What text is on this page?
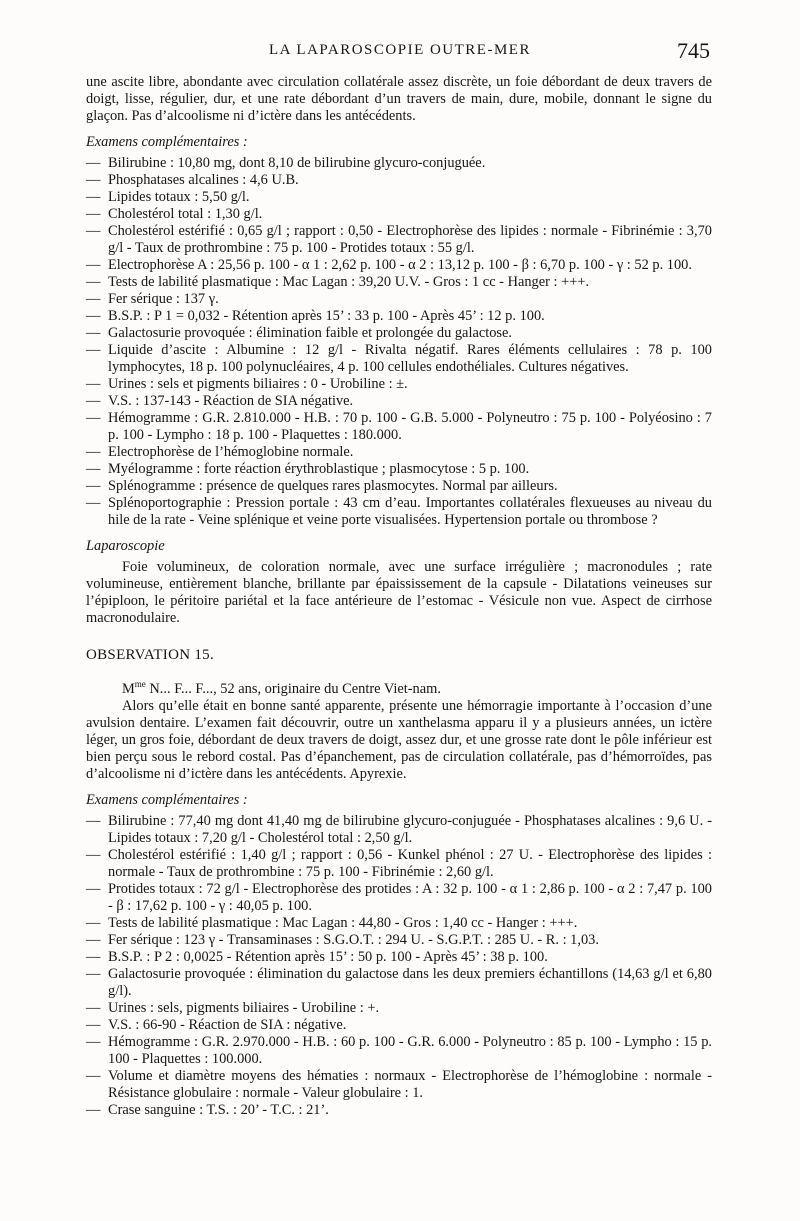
LA LAPAROSCOPIE OUTRE-MER	745

une ascite libre, abondante avec circulation collatérale assez discrète, un foie débordant de deux travers de doigt, lisse, régulier, dur, et une rate débordant d’un travers de main, dure, mobile, donnant le signe du glaçon. Pas d’alcoolisme ni d’ictère dans les antécédents.

Examens complémentaires :

— Bilirubine : 10,80 mg, dont 8,10 de bilirubine glycuro-conjuguée.
— Phosphatases alcalines : 4,6 U.B.
— Lipides totaux : 5,50 g/l.
— Cholestérol total : 1,30 g/l.
— Cholestérol estérifié : 0,65 g/l ; rapport : 0,50 - Electrophorèse des lipides : normale - Fibrinémie : 3,70 g/l - Taux de prothrombine : 75 p. 100 - Protides totaux : 55 g/l.
— Electrophorèse A : 25,56 p. 100 - α 1 : 2,62 p. 100 - α 2 : 13,12 p. 100 - β : 6,70 p. 100 - γ : 52 p. 100.
— Tests de labilité plasmatique : Mac Lagan : 39,20 U.V. - Gros : 1 cc - Hanger : +++.
— Fer sérique : 137 γ.
— B.S.P. : P 1 = 0,032 - Rétention après 15’ : 33 p. 100 - Après 45’ : 12 p. 100.
— Galactosurie provoquée : élimination faible et prolongée du galactose.
— Liquide d’ascite : Albumine : 12 g/l - Rivalta négatif. Rares éléments cellulaires : 78 p. 100 lymphocytes, 18 p. 100 polynucléaires, 4 p. 100 cellules endothéliales. Cultures négatives.
— Urines : sels et pigments biliaires : 0 - Urobiline : ±.
— V.S. : 137-143 - Réaction de SIA négative.
— Hémogramme : G.R. 2.810.000 - H.B. : 70 p. 100 - G.B. 5.000 - Polyneutro : 75 p. 100 - Polyéosino : 7 p. 100 - Lympho : 18 p. 100 - Plaquettes : 180.000.
— Electrophorèse de l’hémoglobine normale.
— Myélogramme : forte réaction érythroblastique ; plasmocytose : 5 p. 100.
— Splénogramme : présence de quelques rares plasmocytes. Normal par ailleurs.
— Splénoportographie : Pression portale : 43 cm d’eau. Importantes collatérales flexueuses au niveau du hile de la rate - Veine splénique et veine porte visualisées. Hypertension portale ou thrombose ?

Laparoscopie

Foie volumineux, de coloration normale, avec une surface irrégulière ; macronodules ; rate volumineuse, entièrement blanche, brillante par épaississement de la capsule - Dilatations veineuses sur l’épiploon, le péritoire pariétal et la face antérieure de l’estomac - Vésicule non vue. Aspect de cirrhose macronodulaire.

OBSERVATION 15.

$M^{me}$ N... F... F..., 52 ans, originaire du Centre Viet-nam.

Alors qu’elle était en bonne santé apparente, présente une hémorragie importante à l’occasion d’une avulsion dentaire. L’examen fait découvrir, outre un xanthelasma apparu il y a plusieurs années, un ictère léger, un gros foie, débordant de deux travers de doigt, assez dur, et une grosse rate dont le pôle inférieur est bien perçu sous le rebord costal. Pas d’épanchement, pas de circulation collatérale, pas d’hémorroïdes, pas d’alcoolisme ni d’ictère dans les antécédents. Apyrexie.

Examens complémentaires :

— Bilirubine : 77,40 mg dont 41,40 mg de bilirubine glycuro-conjuguée - Phosphatases alcalines : 9,6 U. - Lipides totaux : 7,20 g/l - Cholestérol total : 2,50 g/l.
— Cholestérol estérifié : 1,40 g/l ; rapport : 0,56 - Kunkel phénol : 27 U. - Electrophorèse des lipides : normale - Taux de prothrombine : 75 p. 100 - Fibrinémie : 2,60 g/l.
— Protides totaux : 72 g/l - Electrophorèse des protides : A : 32 p. 100 - α 1 : 2,86 p. 100 - α 2 : 7,47 p. 100 - β : 17,62 p. 100 - γ : 40,05 p. 100.
— Tests de labilité plasmatique : Mac Lagan : 44,80 - Gros : 1,40 cc - Hanger : +++.
— Fer sérique : 123 γ - Transaminases : S.G.O.T. : 294 U. - S.G.P.T. : 285 U. - R. : 1,03.
— B.S.P. : P 2 : 0,0025 - Rétention après 15’ : 50 p. 100 - Après 45’ : 38 p. 100.
— Galactosurie provoquée : élimination du galactose dans les deux premiers échantillons (14,63 g/l et 6,80 g/l).
— Urines : sels, pigments biliaires - Urobiline : +.
— V.S. : 66-90 - Réaction de SIA : négative.
— Hémogramme : G.R. 2.970.000 - H.B. : 60 p. 100 - G.R. 6.000 - Polyneutro : 85 p. 100 - Lympho : 15 p. 100 - Plaquettes : 100.000.
— Volume et diamètre moyens des hématies : normaux - Electrophorèse de l’hémoglobine : normale - Résistance globulaire : normale - Valeur globulaire : 1.
— Crase sanguine : T.S. : 20’ - T.C. : 21’.
